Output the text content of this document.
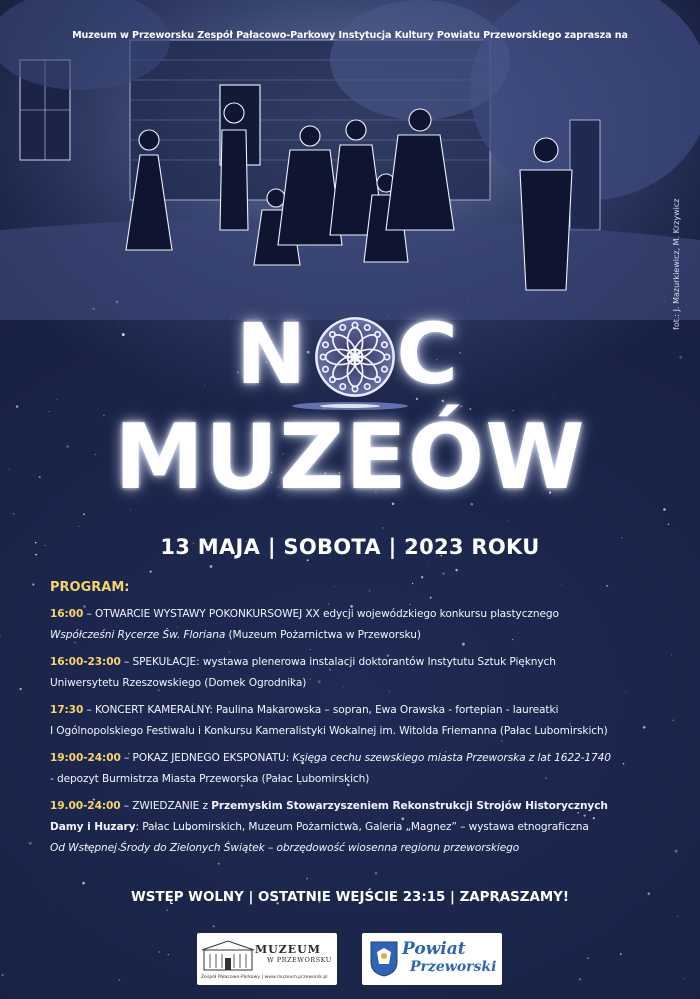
Muzeum w Przeworsku Zespół Pałacowo-Parkowy Instytucja Kultury Powiatu Przeworskiego zaprasza na
fot.: J. Mazurkiewicz, M. Krzywicz
N C
MUZEÓW
13 MAJA | SOBOTA | 2023 ROKU
PROGRAM:
16:00 – OTWARCIE WYSTAWY POKONKURSOWEJ XX edycji wojewódzkiego konkursu plastycznego
Współcześni Rycerze Św. Floriana (Muzeum Pożarnictwa w Przeworsku)
16:00-23:00 – SPEKULACJE: wystawa plenerowa instalacji doktorantów Instytutu Sztuk Pięknych
Uniwersytetu Rzeszowskiego (Domek Ogrodnika)
17:30 – KONCERT KAMERALNY: Paulina Makarowska – sopran, Ewa Orawska - fortepian - laureatki
I Ogólnopolskiego Festiwalu i Konkursu Kameralistyki Wokalnej im. Witolda Friemanna (Pałac Lubomirskich)
19:00-24:00 – POKAZ JEDNEGO EKSPONATU: Księga cechu szewskiego miasta Przeworska z lat 1622-1740
- depozyt Burmistrza Miasta Przeworska (Pałac Lubomirskich)
19.00-24:00 – ZWIEDZANIE z Przemyskim Stowarzyszeniem Rekonstrukcji Strojów Historycznych
Damy i Huzary: Pałac Lubomirskich, Muzeum Pożarnictwa, Galeria „Magnez” – wystawa etnograficzna
Od Wstępnej Środy do Zielonych Świątek – obrzędowość wiosenna regionu przeworskiego
WSTĘP WOLNY | OSTATNIE WEJŚCIE 23:15 | ZAPRASZAMY!
MUZEUM
W PRZEWORSKU
Zespół Pałacowo-Parkowy | www.muzeum.przeworsk.pl
Powiat
Przeworski
